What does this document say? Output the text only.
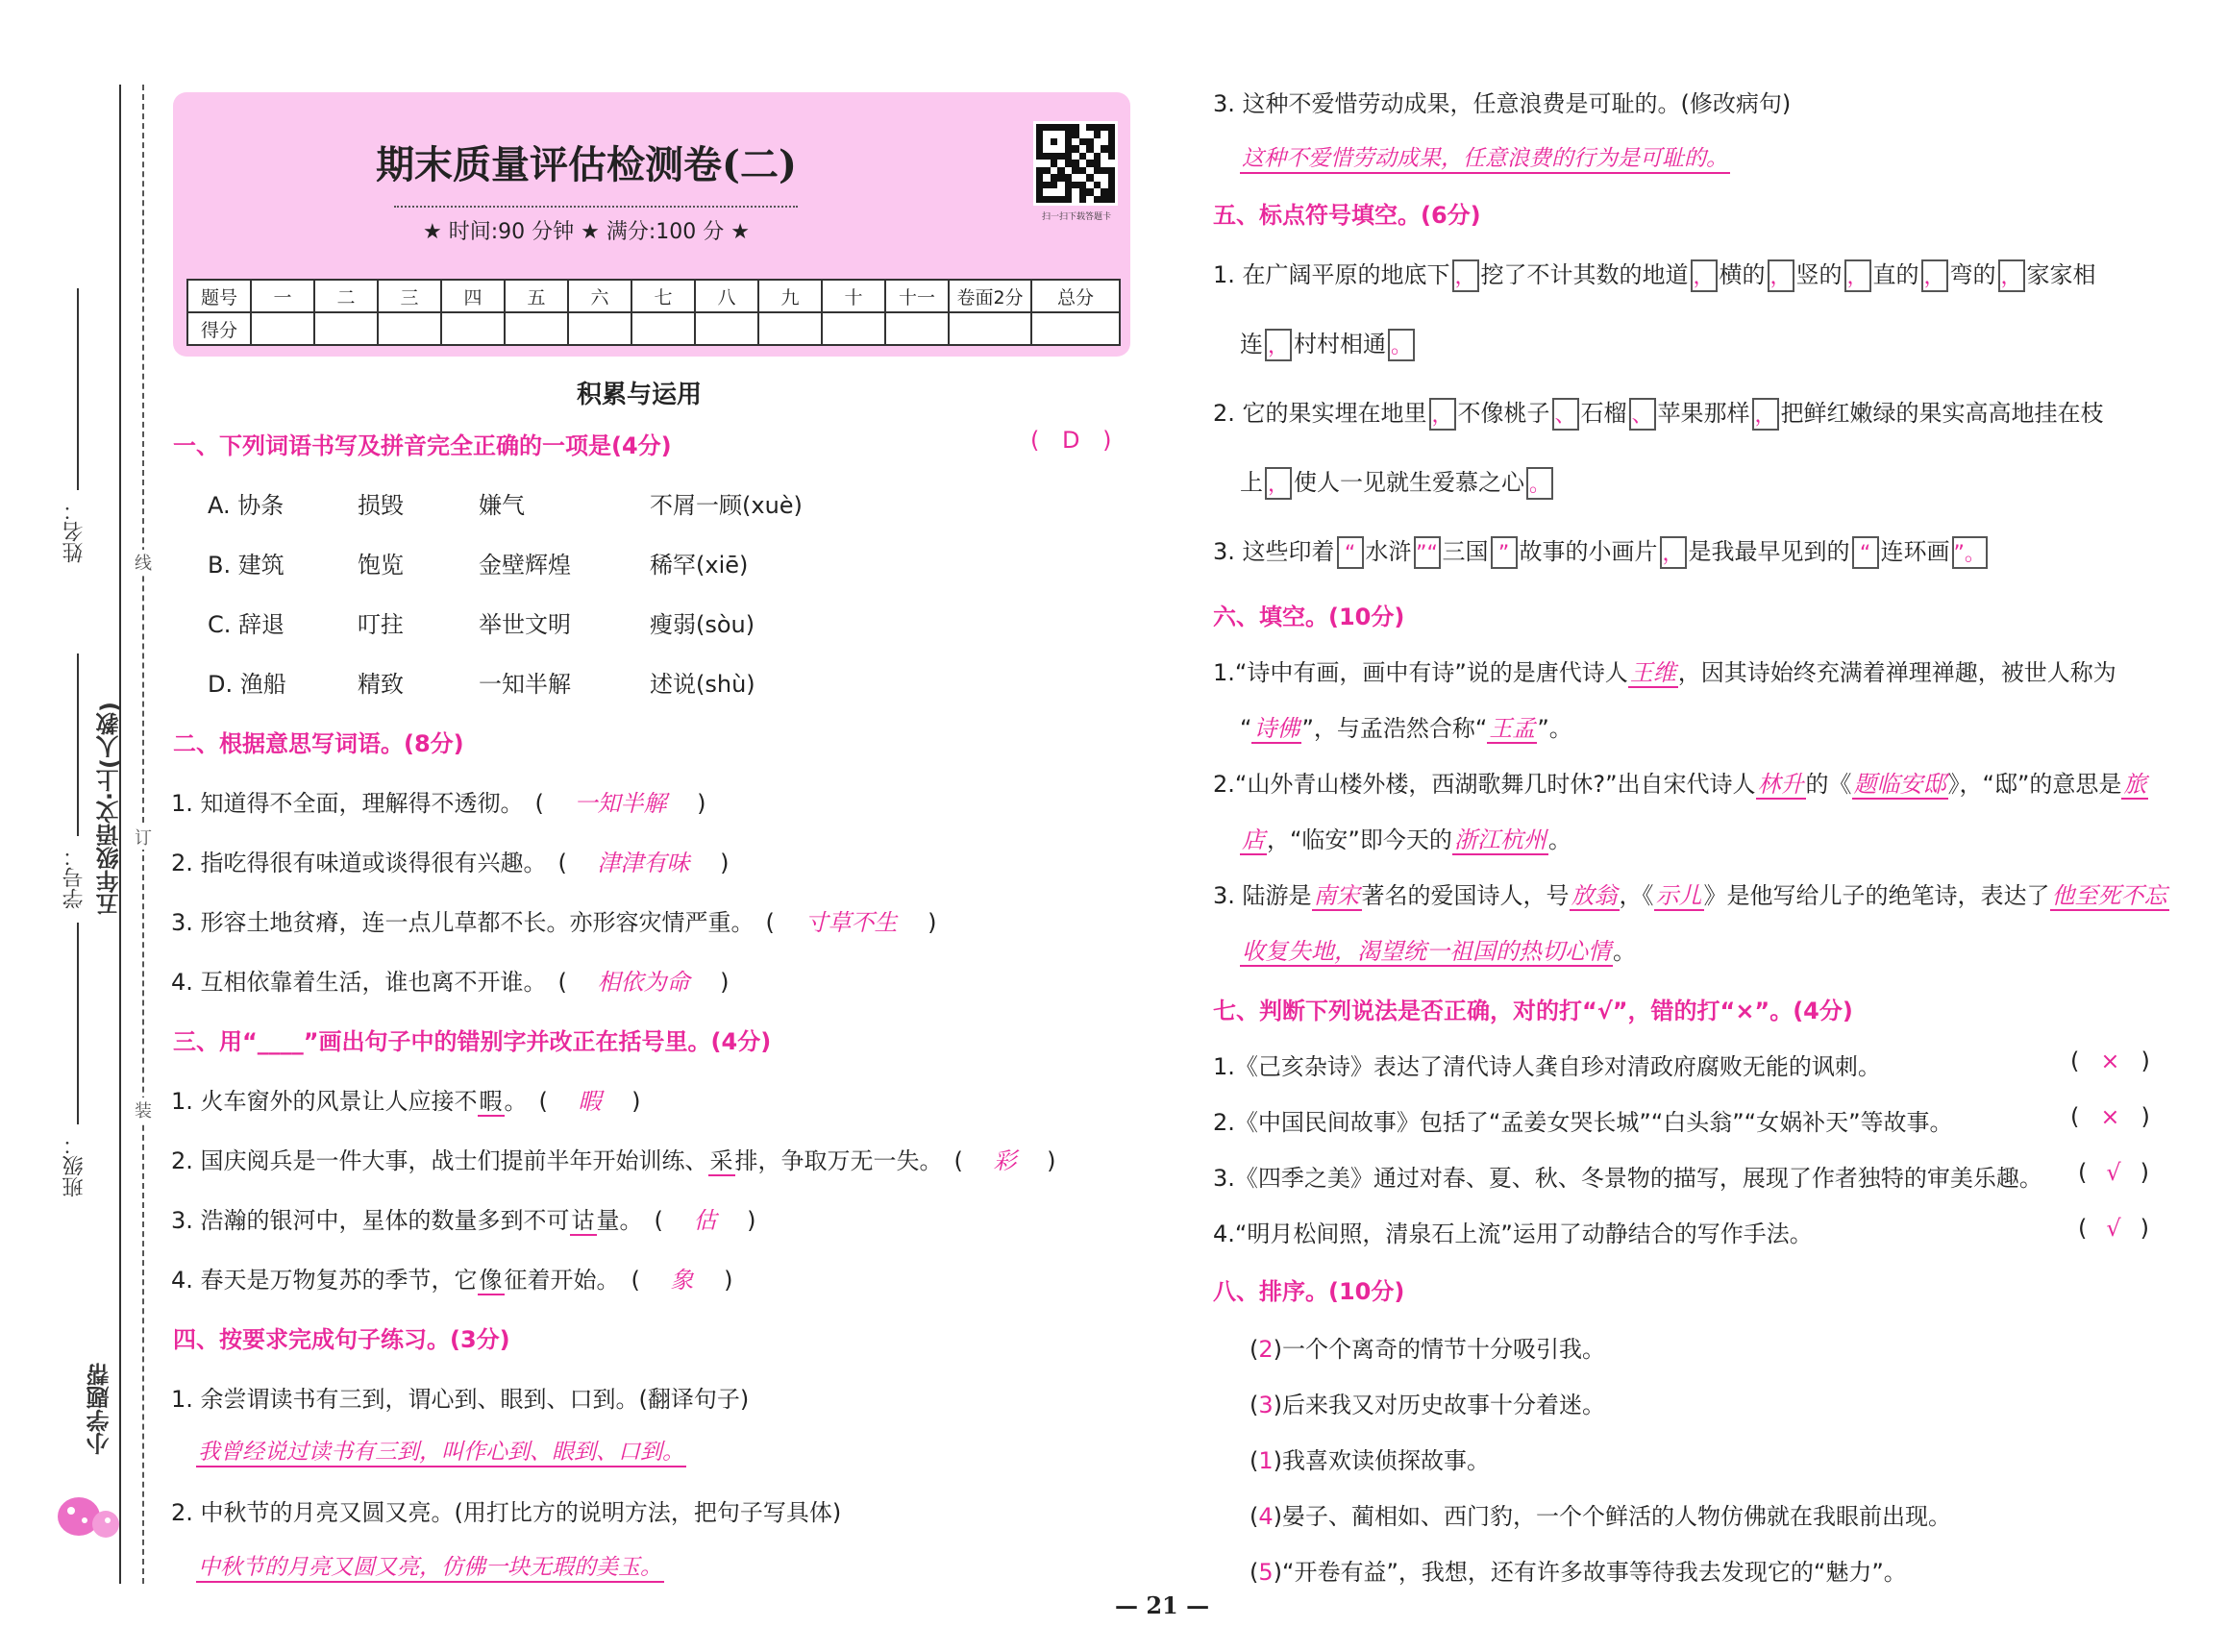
姓名：
学号：
班级：
五年级语文·上(人教)
线
订
装
小学题帮
期末质量评估检测卷(二)
★ 时间:90 分钟 ★ 满分:100 分 ★
扫一扫下载答题卡
题号	一	二	三	四	五	六	七	八	九	十	十一	卷面2分	总分
得分													
积累与运用
一、下列词语书写及拼音完全正确的一项是(4分)	( D )
A. 协条	损毁	嫌气	不屑一顾(xuè)
B. 建筑	饱览	金壁辉煌	稀罕(xiē)
C. 辞退	叮拄	举世文明	瘦弱(sòu)
D. 渔船	精致	一知半解	述说(shù)
二、根据意思写词语。(8分)
1. 知道得不全面，理解得不透彻。　(　 一知半解 　)
2. 指吃得很有味道或谈得很有兴趣。　(　 津津有味 　)
3. 形容土地贫瘠，连一点儿草都不长。亦形容灾情严重。　(　 寸草不生 　)
4. 互相依靠着生活，谁也离不开谁。　(　 相依为命 　)
三、用“____”画出句子中的错别字并改正在括号里。(4分)
1. 火车窗外的风景让人应接不暇。　(　 暇 　)
2. 国庆阅兵是一件大事，战士们提前半年开始训练、采排，争取万无一失。　(　 彩 　)
3. 浩瀚的银河中，星体的数量多到不可诂量。　(　 估 　)
4. 春天是万物复苏的季节，它像征着开始。　(　 象 　)
四、按要求完成句子练习。(3分)
1. 余尝谓读书有三到，谓心到、眼到、口到。(翻译句子)
我曾经说过读书有三到，叫作心到、眼到、口到。
2. 中秋节的月亮又圆又亮。(用打比方的说明方法，把句子写具体)
中秋节的月亮又圆又亮，仿佛一块无瑕的美玉。
3. 这种不爱惜劳动成果，任意浪费是可耻的。(修改病句)
这种不爱惜劳动成果，任意浪费的行为是可耻的。
五、标点符号填空。(6分)
1. 在广阔平原的地底下 ， 挖了不计其数的地道 ， 横的 ， 竖的 ， 直的 ， 弯的 ， 家家相
连 ， 村村相通 。
2. 它的果实埋在地里 ， 不像桃子 、 石榴 、 苹果那样 ， 把鲜红嫩绿的果实高高地挂在枝
上 ， 使人一见就生爱慕之心 。
3. 这些印着 “ 水浒 ”“ 三国 ” 故事的小画片 ， 是我最早见到的 “ 连环画 ”。
六、填空。(10分)
1.“诗中有画，画中有诗”说的是唐代诗人王维，因其诗始终充满着禅理禅趣，被世人称为
“诗佛”，与孟浩然合称“王孟”。
2.“山外青山楼外楼，西湖歌舞几时休?”出自宋代诗人林升的《题临安邸》，“邸”的意思是旅
店，“临安”即今天的浙江杭州。
3. 陆游是南宋著名的爱国诗人，号放翁，《示儿》是他写给儿子的绝笔诗，表达了他至死不忘
收复失地，渴望统一祖国的热切心情。
七、判断下列说法是否正确，对的打“√”，错的打“×”。(4分)
1.《己亥杂诗》表达了清代诗人龚自珍对清政府腐败无能的讽刺。	( × )
2.《中国民间故事》包括了“孟姜女哭长城”“白头翁”“女娲补天”等故事。	( × )
3.《四季之美》通过对春、夏、秋、冬景物的描写，展现了作者独特的审美乐趣。 ( √ )
4.“明月松间照，清泉石上流”运用了动静结合的写作手法。	( √ )
八、排序。(10分)
(2)一个个离奇的情节十分吸引我。
(3)后来我又对历史故事十分着迷。
(1)我喜欢读侦探故事。
(4)晏子、蔺相如、西门豹，一个个鲜活的人物仿佛就在我眼前出现。
(5)“开卷有益”，我想，还有许多故事等待我去发现它的“魅力”。
— 21 —
